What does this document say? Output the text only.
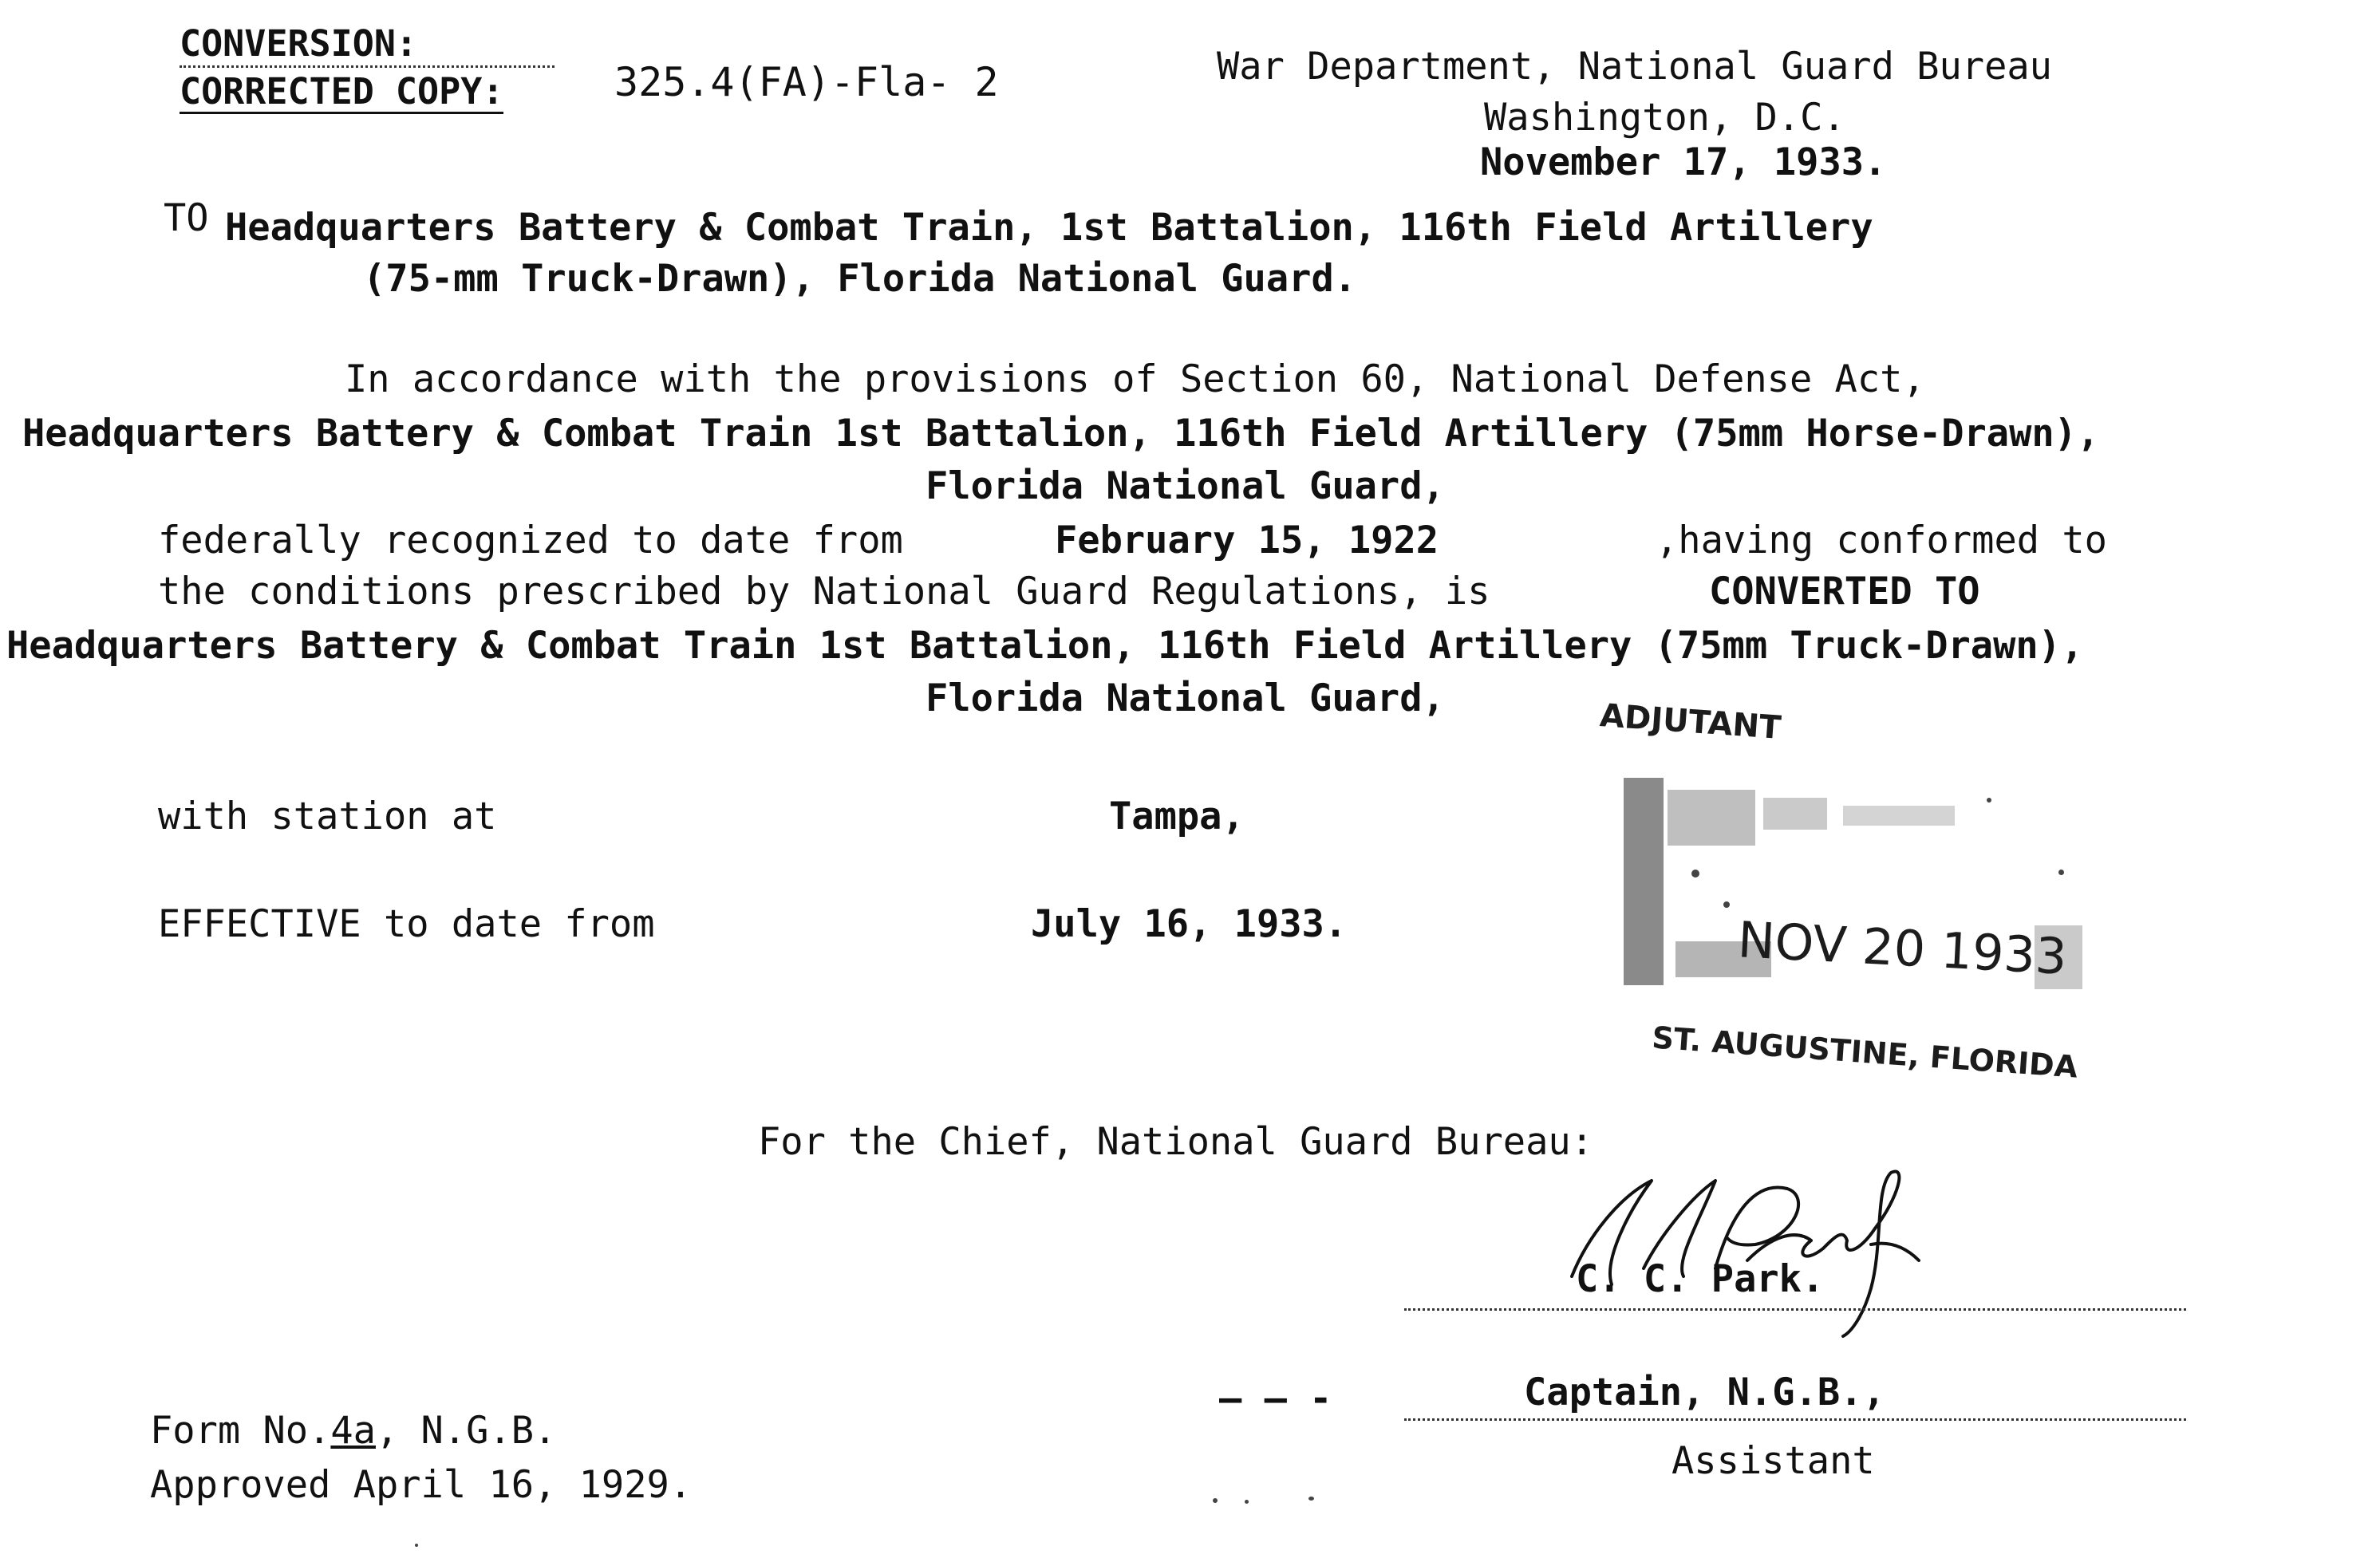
CONVERSION:
CORRECTED COPY:	325.4(FA)-Fla- 2	War Department, National Guard Bureau
Washington, D.C.
November 17, 1933.
TO Headquarters Battery & Combat Train, 1st Battalion, 116th Field Artillery
(75-mm Truck-Drawn), Florida National Guard.
In accordance with the provisions of Section 60, National Defense Act,
Headquarters Battery & Combat Train 1st Battalion, 116th Field Artillery (75mm Horse-Drawn),
Florida National Guard,
federally recognized to date from	February 15, 1922	,having conformed to
the conditions prescribed by National Guard Regulations, is	CONVERTED TO
Headquarters Battery & Combat Train 1st Battalion, 116th Field Artillery (75mm Truck-Drawn),
Florida National Guard,
with station at	Tampa,
EFFECTIVE to date from	July 16, 1933.
ADJUTANT
NOV 20 1933
ST. AUGUSTINE, FLORIDA
For the Chief, National Guard Bureau:
C. C. Park.
— — -	Captain, N.G.B.,
Assistant
Form No.4a, N.G.B.
Approved April 16, 1929.
